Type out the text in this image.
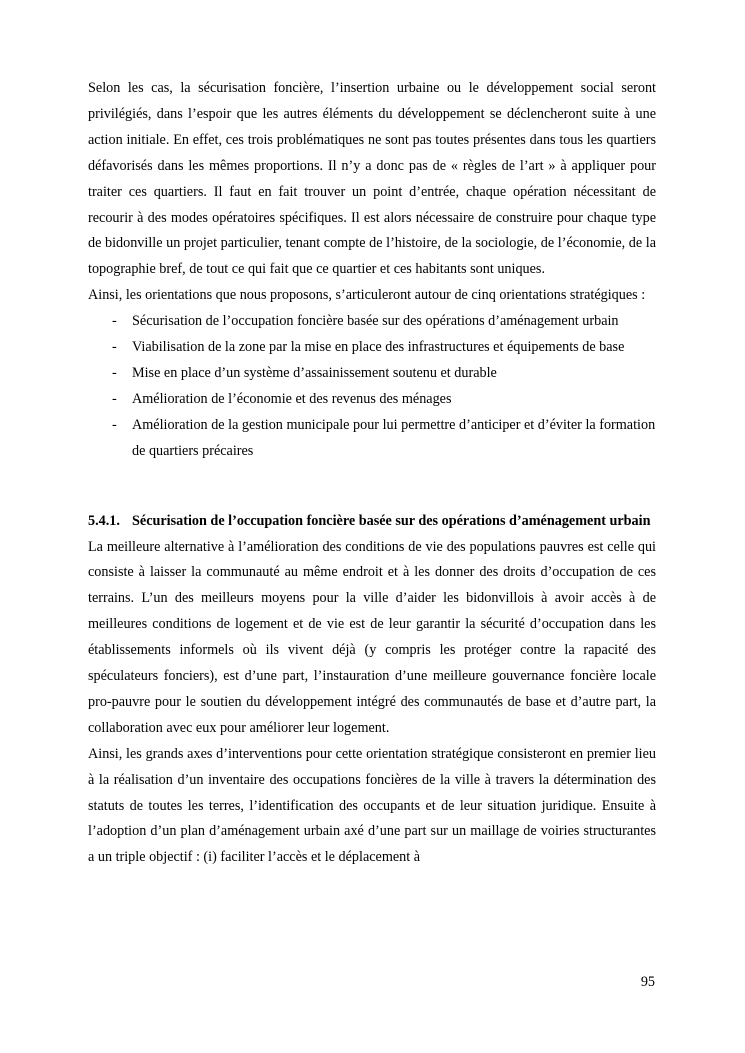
Selon les cas, la sécurisation foncière, l’insertion urbaine ou le développement social seront privilégiés, dans l’espoir que les autres éléments du développement se déclencheront suite à une action initiale. En effet, ces trois problématiques ne sont pas toutes présentes dans tous les quartiers défavorisés dans les mêmes proportions. Il n’y a donc pas de « règles de l’art » à appliquer pour traiter ces quartiers. Il faut en fait trouver un point d’entrée, chaque opération nécessitant de recourir à des modes opératoires spécifiques. Il est alors nécessaire de construire pour chaque type de bidonville un projet particulier, tenant compte de l’histoire, de la sociologie, de l’économie, de la topographie bref, de tout ce qui fait que ce quartier et ces habitants sont uniques.

Ainsi, les orientations que nous proposons, s’articuleront autour de cinq orientations stratégiques :

- Sécurisation de l’occupation foncière basée sur des opérations d’aménagement urbain
- Viabilisation de la zone par la mise en place des infrastructures et équipements de base
- Mise en place d’un système d’assainissement soutenu et durable
- Amélioration de l’économie et des revenus des ménages
- Amélioration de la gestion municipale pour lui permettre d’anticiper et d’éviter la formation de quartiers précaires
5.4.1. Sécurisation de l’occupation foncière basée sur des opérations d’aménagement urbain

La meilleure alternative à l’amélioration des conditions de vie des populations pauvres est celle qui consiste à laisser la communauté au même endroit et à les donner des droits d’occupation de ces terrains. L’un des meilleurs moyens pour la ville d’aider les bidonvillois à avoir accès à de meilleures conditions de logement et de vie est de leur garantir la sécurité d’occupation dans les établissements informels où ils vivent déjà (y compris les protéger contre la rapacité des spéculateurs fonciers), est d’une part, l’instauration d’une meilleure gouvernance foncière locale pro-pauvre pour le soutien du développement intégré des communautés de base et d’autre part, la collaboration avec eux pour améliorer leur logement.

Ainsi, les grands axes d’interventions pour cette orientation stratégique consisteront en premier lieu à la réalisation d’un inventaire des occupations foncières de la ville à travers la détermination des statuts de toutes les terres, l’identification des occupants et de leur situation juridique. Ensuite à l’adoption d’un plan d’aménagement urbain axé d’une part sur un maillage de voiries structurantes a un triple objectif : (i) faciliter l’accès et le déplacement à

95
